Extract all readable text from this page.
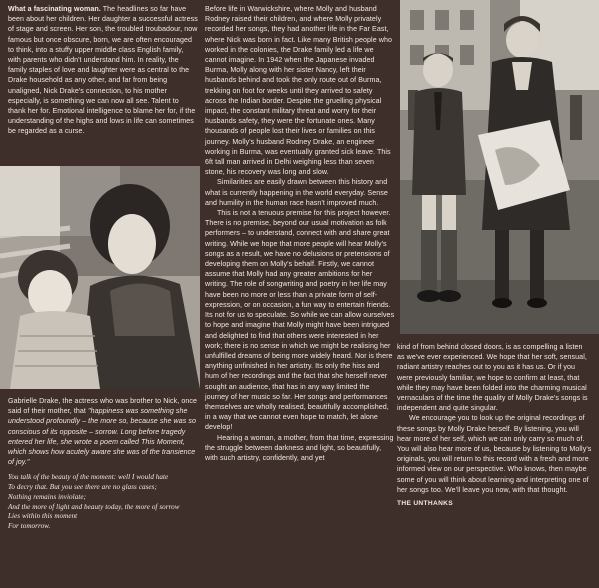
What a fascinating woman. The headlines so far have been about her children. Her daughter a successful actress of stage and screen. Her son, the troubled troubadour, now famous but once obscure, born, we are often encouraged to think, into a stuffy upper middle class English family, with parents who didn't understand him. In reality, the family staples of love and laughter were as central to the Drake household as any other, and far from being unaligned, Nick Drake's connection, to his mother especially, is something we can now all see. Talent to thank her for. Emotional intelligence to blame her for, if the understanding of the highs and lows in life can sometimes be regarded as a curse.

Gabrielle Drake, the actress who was brother to Nick, once said of their mother, that "happiness was something she understood profoundly – the more so, because she was so conscious of its opposite – sorrow. Long before tragedy entered her life, she wrote a poem called This Moment, which shows how acutely aware she was of the transience of joy."

You talk of the beauty of the moment: well I would hate
To decry that. But you see there are no glass cases;
Nothing remains inviolate;
And the more of light and beauty today, the more of sorrow
Lies within this moment
For tomorrow.

Before life in Warwickshire, where Molly and husband Rodney raised their children, and where Molly privately recorded her songs, they had another life in the Far East, where Nick was born in fact. Like many British people who worked in the colonies, the Drake family led a life we cannot imagine. In 1942 when the Japanese invaded Burma, Molly along with her sister Nancy, left their husbands behind and took the only route out of Burma, trekking on foot for weeks until they arrived to safety across the Indian border. Despite the gruelling physical impact, the constant military threat and worry for their husbands safety, they were the fortunate ones. Many thousands of people lost their lives or families on this journey. Molly's husband Rodney Drake, an engineer working in Burma, was eventually granted sick leave. This 6ft tall man arrived in Delhi weighing less than seven stone, his recovery was long and slow.

Similarities are easily drawn between this history and what is currently happening in the world everyday. Sense and humility in the human race hasn't improved much.

This is not a tenuous premise for this project however. There is no premise, beyond our usual motivation as folk performers – to understand, connect with and share great writing. While we hope that more people will hear Molly's songs as a result, we have no delusions or pretensions of developing them on Molly's behalf. Firstly, we cannot assume that Molly had any greater ambitions for her writing. The role of songwriting and poetry in her life may have been no more or less than a private form of self-expression, or on occasion, a fun way to entertain friends. Its not for us to speculate. So while we can allow ourselves to hope and imagine that Molly might have been intrigued and delighted to find that others were interested in her work; there is no sense in which we might be realising her unfulfilled dreams of being more widely heard. Nor is there anything unfinished in her artistry. Its only the hiss and hum of her recordings and the fact that she herself never sought an audience, that has in any way limited the journey of her music so far. Her songs and performances themselves are wholly realised, beautifully accomplished, in a way that we cannot even hope to match, let alone develop!

Hearing a woman, a mother, from that time, expressing the struggle between darkness and light, so beautifully, with such artistry, confidently, and yet

kind of from behind closed doors, is as compelling a listen as we've ever experienced. We hope that her soft, sensual, radiant artistry reaches out to you as it has us. Or if you were previously familiar, we hope to confirm at least, that while they may have been folded into the charming musical vernaculars of the time the quality of Molly Drake's songs is independent and quite singular.

We encourage you to look up the original recordings of these songs by Molly Drake herself. By listening, you will hear more of her self, which we can only carry so much of. You will also hear more of us, because by listening to Molly's originals, you will return to this record with a fresh and more informed view on our perspective. Who knows, then maybe some of you will think about learning and interpreting one of her songs too. We'll leave you now, with that thought.

THE UNTHANKS
